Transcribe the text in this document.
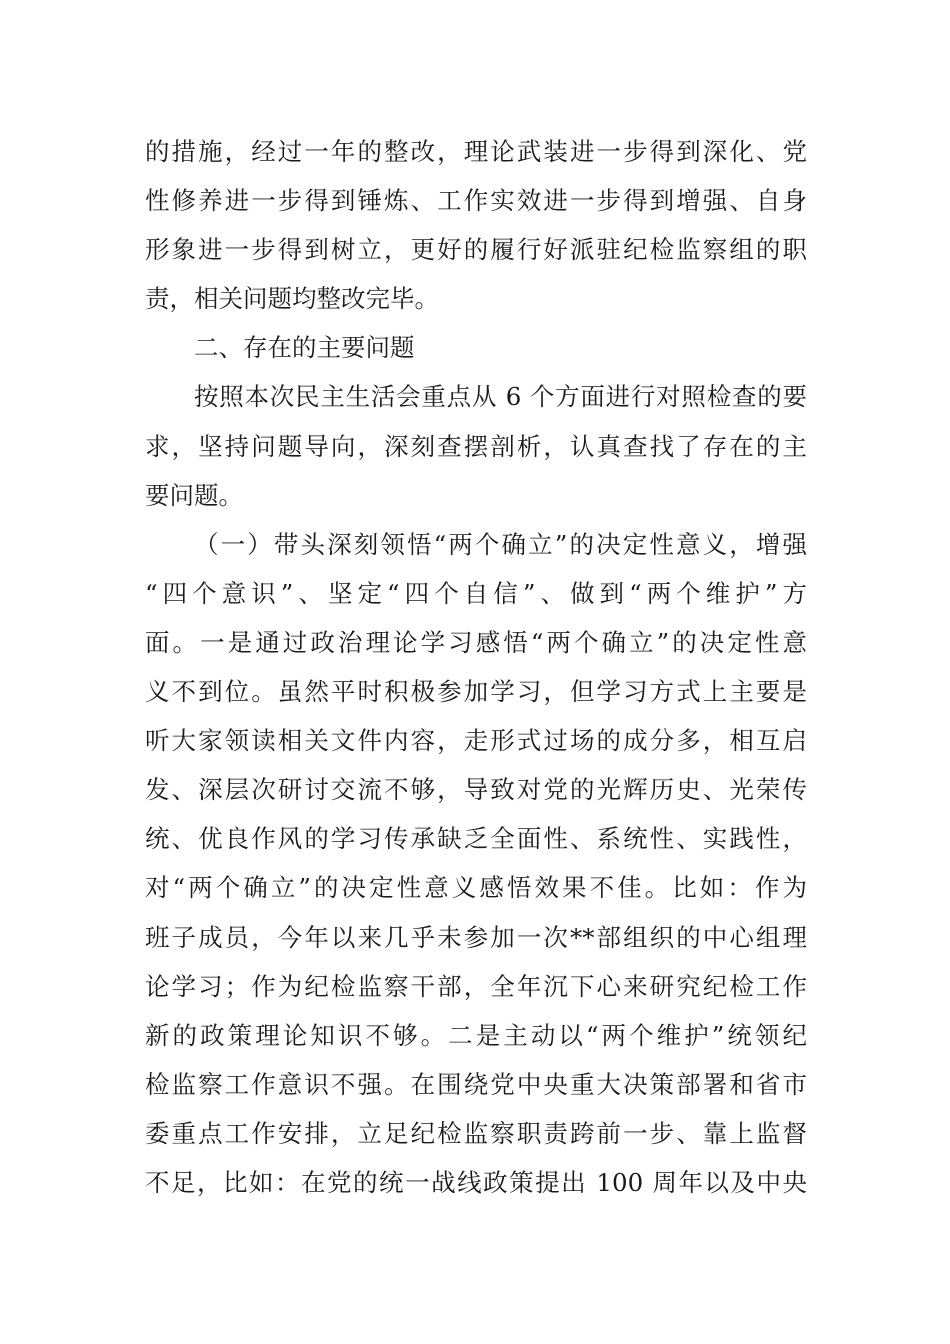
的措施，经过一年的整改，理论武装进一步得到深化、党
性修养进一步得到锤炼、工作实效进一步得到增强、自身
形象进一步得到树立，更好的履行好派驻纪检监察组的职
责，相关问题均整改完毕。
二、存在的主要问题
按照本次民主生活会重点从 6 个方面进行对照检查的要
求，坚持问题导向，深刻查摆剖析，认真查找了存在的主
要问题。
（一）带头深刻领悟“两个确立”的决定性意义，增强
“四个意识”、坚定“四个自信”、做到“两个维护”方
面。一是通过政治理论学习感悟“两个确立”的决定性意
义不到位。虽然平时积极参加学习，但学习方式上主要是
听大家领读相关文件内容，走形式过场的成分多，相互启
发、深层次研讨交流不够，导致对党的光辉历史、光荣传
统、优良作风的学习传承缺乏全面性、系统性、实践性，
对“两个确立”的决定性意义感悟效果不佳。比如：作为
班子成员，今年以来几乎未参加一次**部组织的中心组理
论学习；作为纪检监察干部，全年沉下心来研究纪检工作
新的政策理论知识不够。二是主动以“两个维护”统领纪
检监察工作意识不强。在围绕党中央重大决策部署和省市
委重点工作安排，立足纪检监察职责跨前一步、靠上监督
不足，比如：在党的统一战线政策提出 100 周年以及中央
